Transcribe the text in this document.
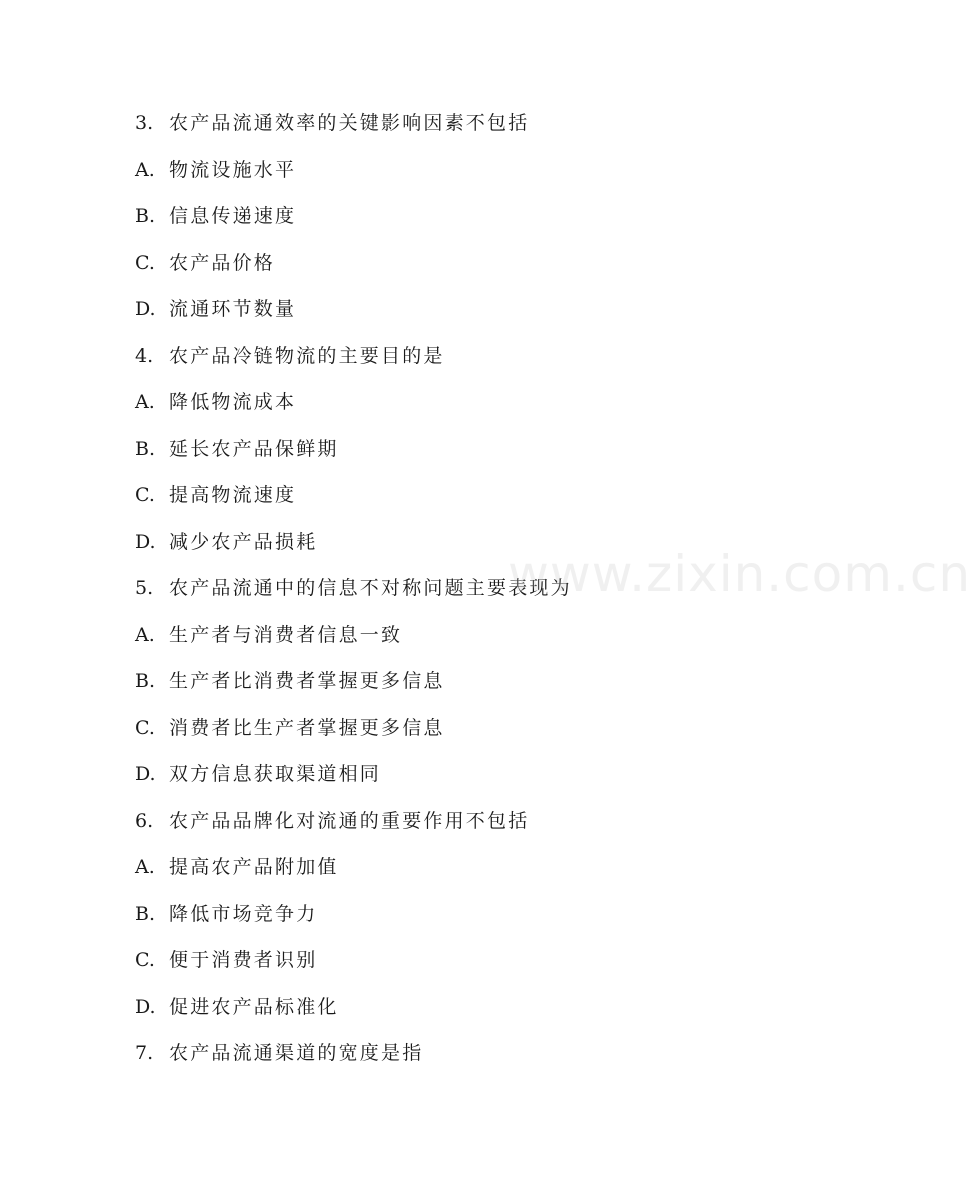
3. 农产品流通效率的关键影响因素不包括
A. 物流设施水平
B. 信息传递速度
C. 农产品价格
D. 流通环节数量
4. 农产品冷链物流的主要目的是
A. 降低物流成本
B. 延长农产品保鲜期
C. 提高物流速度
D. 减少农产品损耗
5. 农产品流通中的信息不对称问题主要表现为
A. 生产者与消费者信息一致
B. 生产者比消费者掌握更多信息
C. 消费者比生产者掌握更多信息
D. 双方信息获取渠道相同
6. 农产品品牌化对流通的重要作用不包括
A. 提高农产品附加值
B. 降低市场竞争力
C. 便于消费者识别
D. 促进农产品标准化
7. 农产品流通渠道的宽度是指
www.zixin.com.cn
